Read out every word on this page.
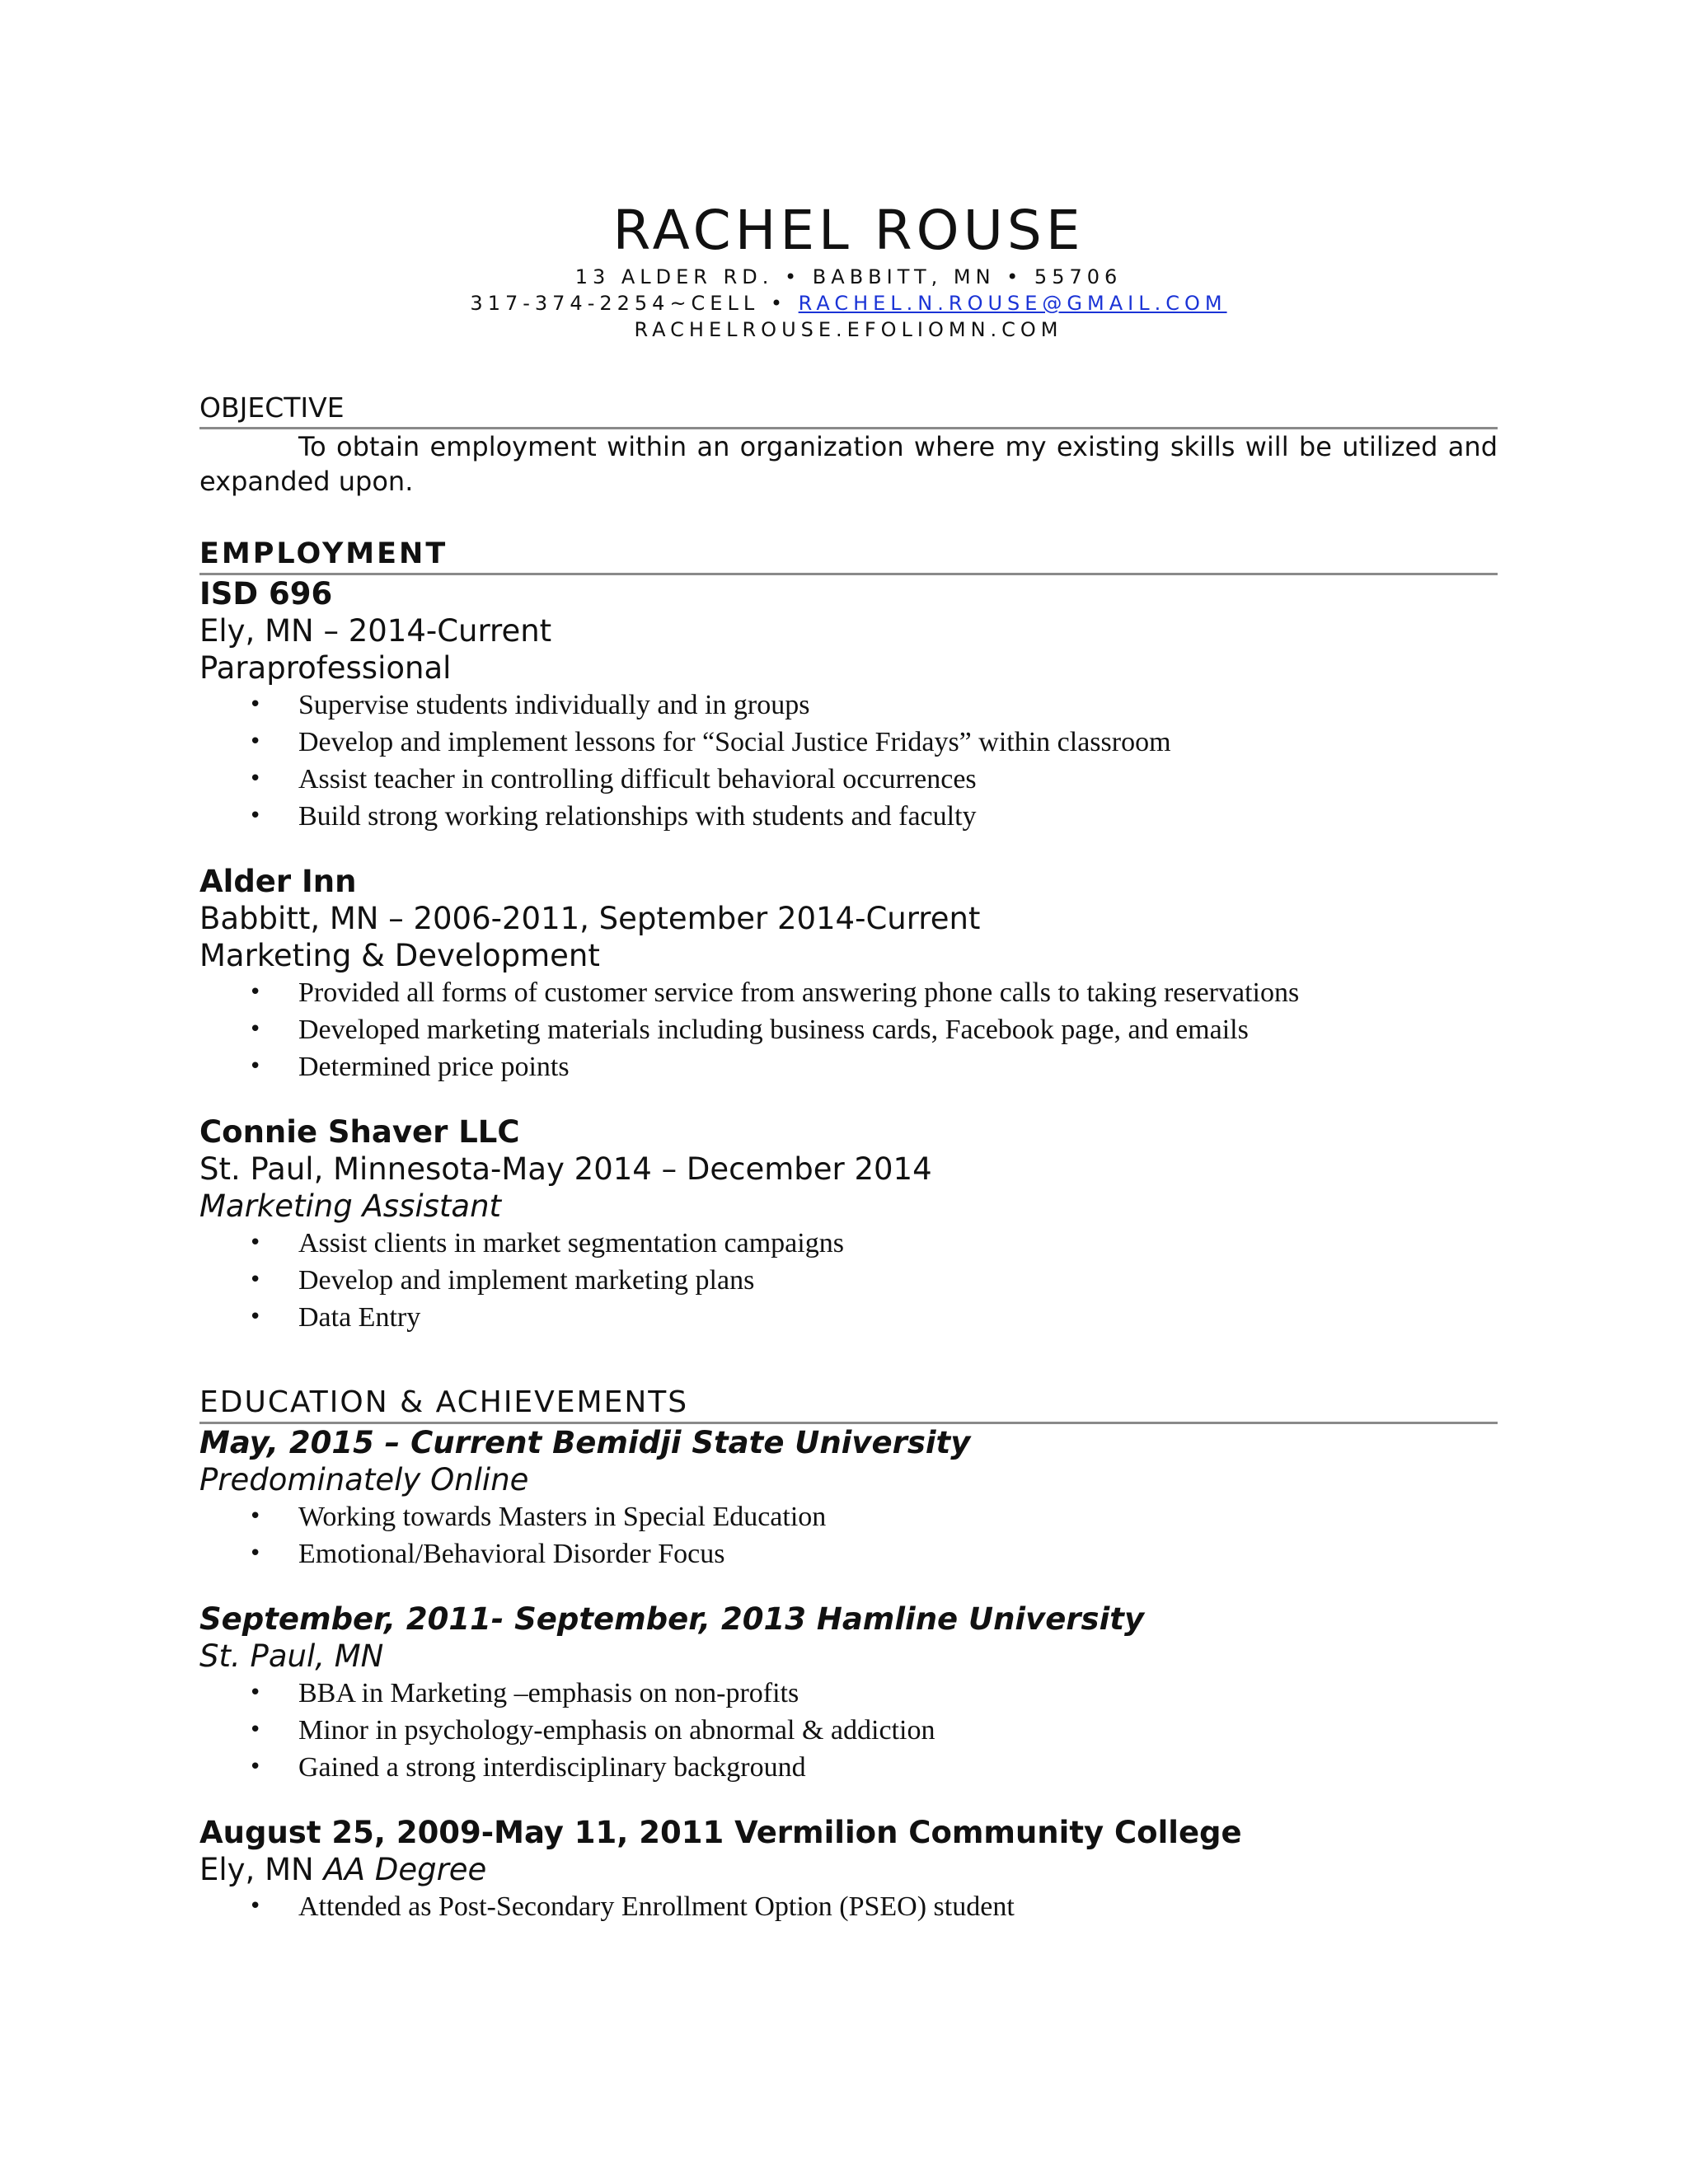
RACHEL ROUSE
13 ALDER RD. • BABBITT, MN • 55706
317-374-2254~CELL • RACHEL.N.ROUSE@GMAIL.COM
RACHELROUSE.EFOLIOMN.COM
OBJECTIVE

To obtain employment within an organization where my existing skills will be utilized and expanded upon.

EMPLOYMENT
ISD 696
Ely, MN – 2014-Current
Paraprofessional
• Supervise students individually and in groups
• Develop and implement lessons for “Social Justice Fridays” within classroom
• Assist teacher in controlling difficult behavioral occurrences
• Build strong working relationships with students and faculty
Alder Inn
Babbitt, MN – 2006-2011, September 2014-Current
Marketing & Development
• Provided all forms of customer service from answering phone calls to taking reservations
• Developed marketing materials including business cards, Facebook page, and emails
• Determined price points
Connie Shaver LLC
St. Paul, Minnesota-May 2014 – December 2014
Marketing Assistant
• Assist clients in market segmentation campaigns
• Develop and implement marketing plans
• Data Entry
EDUCATION & ACHIEVEMENTS
May, 2015 – Current Bemidji State University
Predominately Online
• Working towards Masters in Special Education
• Emotional/Behavioral Disorder Focus
September, 2011- September, 2013 Hamline University
St. Paul, MN
• BBA in Marketing –emphasis on non-profits
• Minor in psychology-emphasis on abnormal & addiction
• Gained a strong interdisciplinary background
August 25, 2009-May 11, 2011 Vermilion Community College
Ely, MN AA Degree
• Attended as Post-Secondary Enrollment Option (PSEO) student
